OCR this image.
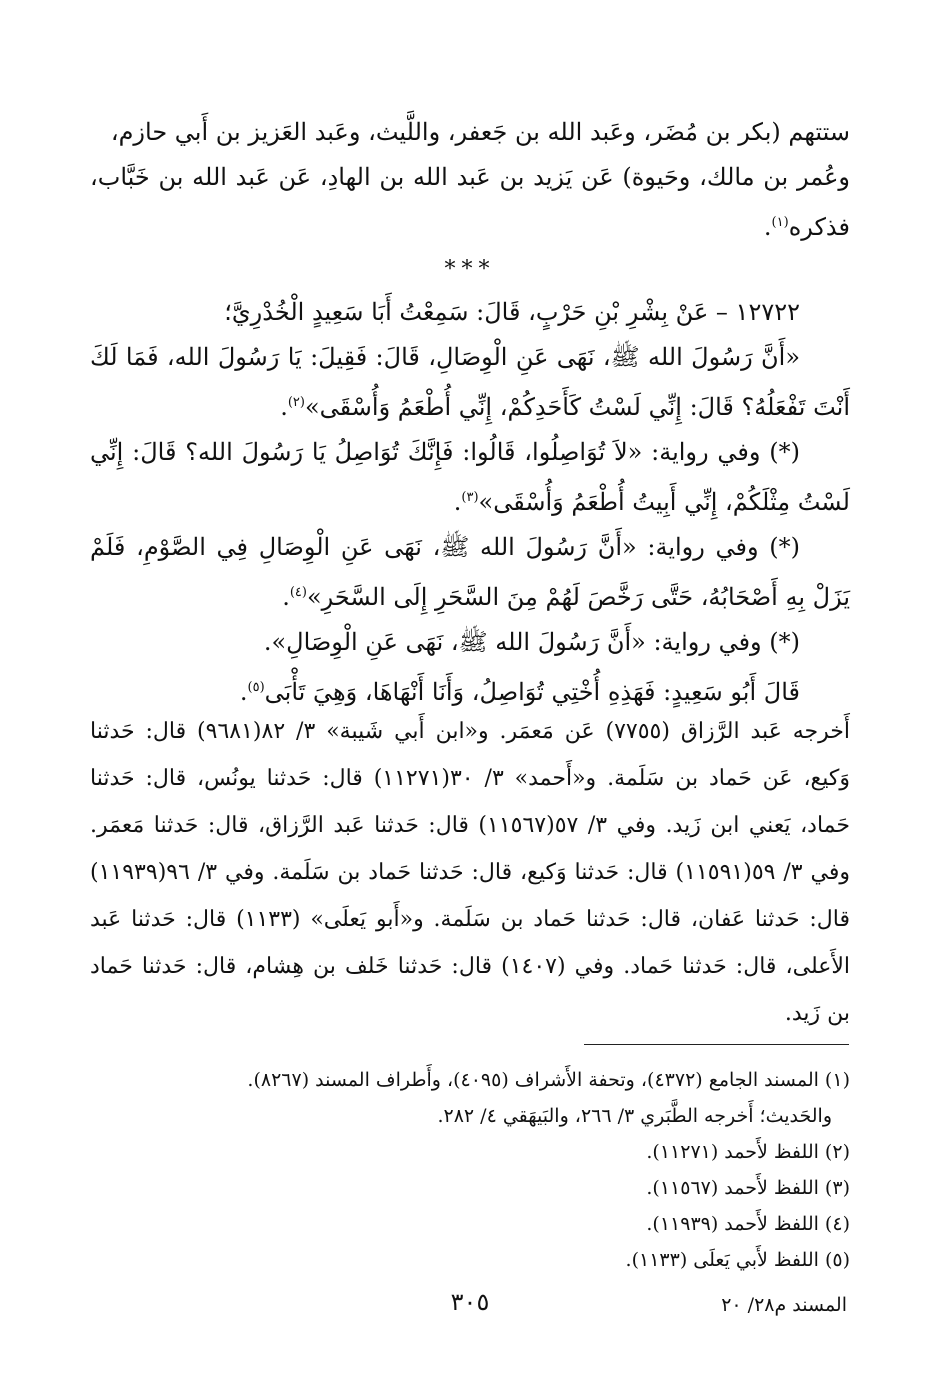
ستتهم (بكر بن مُضَر، وعَبد الله بن جَعفر، واللَّيث، وعَبد العَزيز بن أَبي حازم،

وعُمر بن مالك، وحَيوة) عَن يَزيد بن عَبد الله بن الهادِ، عَن عَبد الله بن خَبَّاب، فذكره$^{(١)}$.

***

١٢٧٢٢ – عَنْ بِشْرِ بْنِ حَرْبٍ، قَالَ: سَمِعْتُ أَبَا سَعِيدٍ الْخُدْرِيَّ؛

«أَنَّ رَسُولَ الله ﷺ، نَهَى عَنِ الْوِصَالِ، قَالَ: فَقِيلَ: يَا رَسُولَ الله، فَمَا لَكَ أَنْتَ تَفْعَلُهُ؟ قَالَ: إِنِّي لَسْتُ كَأَحَدِكُمْ، إِنِّي أُطْعَمُ وَأُسْقَى»$^{(٢)}$.

(*) وفي رواية: «لاَ تُوَاصِلُوا، قَالُوا: فَإِنَّكَ تُوَاصِلُ يَا رَسُولَ الله؟ قَالَ: إِنِّي لَسْتُ مِثْلَكُمْ، إِنِّي أَبِيتُ أُطْعَمُ وَأُسْقَى»$^{(٣)}$.

(*) وفي رواية: «أَنَّ رَسُولَ الله ﷺ، نَهَى عَنِ الْوِصَالِ فِي الصَّوْمِ، فَلَمْ يَزَلْ بِهِ أَصْحَابُهُ، حَتَّى رَخَّصَ لَهُمْ مِنَ السَّحَرِ إِلَى السَّحَرِ»$^{(٤)}$.

(*) وفي رواية: «أَنَّ رَسُولَ الله ﷺ، نَهَى عَنِ الْوِصَالِ».

قَالَ أَبُو سَعِيدٍ: فَهَذِهِ أُخْتِي تُوَاصِلُ، وَأَنَا أَنْهَاهَا، وَهِيَ تَأْبَى$^{(٥)}$.

أَخرجه عَبد الرَّزاق (٧٧٥٥) عَن مَعمَر. و«ابن أَبي شَيبة» ٣/ ٨٢(٩٦٨١) قال: حَدثنا وَكيع، عَن حَماد بن سَلَمة. و«أَحمد» ٣/ ٣٠(١١٢٧١) قال: حَدثنا يونُس، قال: حَدثنا حَماد، يَعني ابن زَيد. وفي ٣/ ٥٧(١١٥٦٧) قال: حَدثنا عَبد الرَّزاق، قال: حَدثنا مَعمَر. وفي ٣/ ٥٩(١١٥٩١) قال: حَدثنا وَكيع، قال: حَدثنا حَماد بن سَلَمة. وفي ٣/ ٩٦(١١٩٣٩) قال: حَدثنا عَفان، قال: حَدثنا حَماد بن سَلَمة. و«أَبو يَعلَى» (١١٣٣) قال: حَدثنا عَبد الأَعلى، قال: حَدثنا حَماد. وفي (١٤٠٧) قال: حَدثنا خَلف بن هِشام، قال: حَدثنا حَماد بن زَيد.

(١) المسند الجامع (٤٣٧٢)، وتحفة الأَشراف (٤٠٩٥)، وأَطراف المسند (٨٢٦٧).

والحَديث؛ أَخرجه الطَّبَري ٣/ ٢٦٦، والبَيهَقي ٤/ ٢٨٢.

(٢) اللفظ لأَحمد (١١٢٧١).

(٣) اللفظ لأَحمد (١١٥٦٧).

(٤) اللفظ لأَحمد (١١٩٣٩).

(٥) اللفظ لأَبي يَعلَى (١١٣٣).

٣٠٥	المسند م٢٨/ ٢٠
